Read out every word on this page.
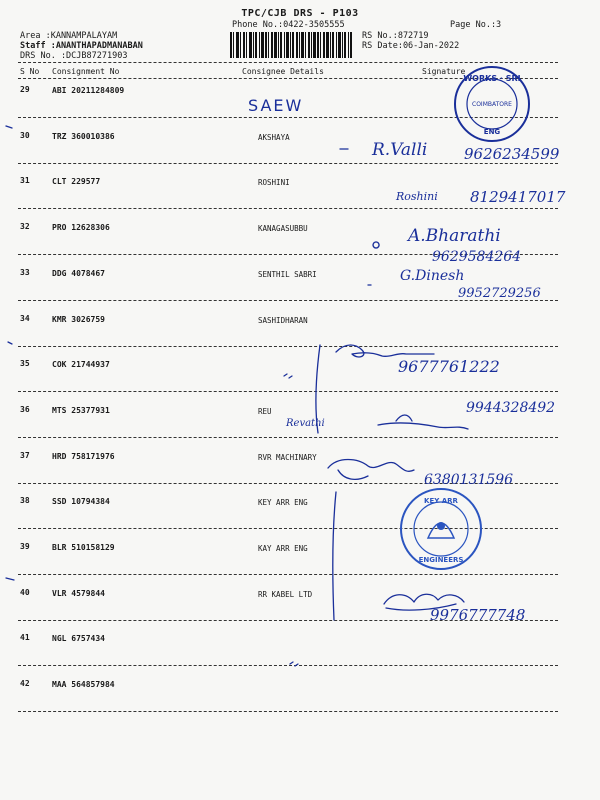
TPC/CJB DRS - P103
Phone No.:0422-3505555	Page No.:3
RS No.:872719
RS Date:06-Jan-2022
Area :KANNAMPALAYAM
Staff :ANANTHAPADMANABAN
DRS No. :DCJB87271903
S No Consignment No	Consignee Details	Signature
29	ABI 20211284809
30	TRZ 360010386	AKSHAYA
31	CLT 229577	ROSHINI
32	PRO 12628306	KANAGASUBBU
33	DDG 4078467	SENTHIL SABRI
34	KMR 3026759	SASHIDHARAN
35	COK 21744937
36	MTS 25377931	REU
37	HRD 758171976	RVR MACHINARY
38	SSD 10794384	KEY ARR ENG
39	BLR 510158129	KAY ARR ENG
40	VLR 4579844	RR KABEL LTD
41	NGL 6757434
42	MAA 564857984
WORKS · SRI
COIMBATORE
ENG
KEY ARR
ENGINEERS
SAEW
R.Valli 9626234599
Roshini 8129417017
A.Bharathi
9629584264
G.Dinesh
9952729256
9677761222
9944328492
Revathi
6380131596
9976777748
